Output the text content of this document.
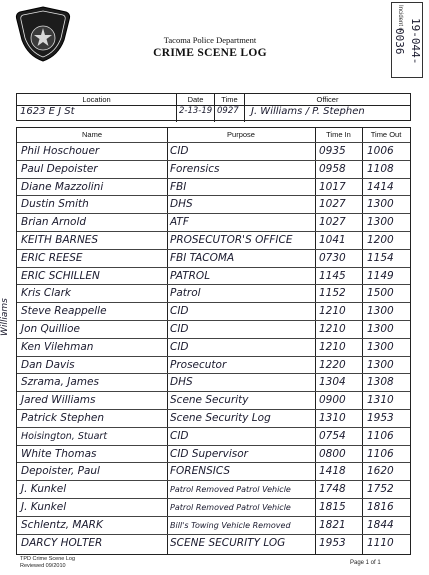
Incident # 19-044-0036
Tacoma Police Department
CRIME SCENE LOG
Location
1623 E J St
Date
2-13-19
Time
0927
Officer
J. Williams / P. Stephen
Name	Purpose	Time In	Time Out
Phil Hoschouer	CID	0935 1006
Paul Depoister	Forensics	0958 1108
Diane Mazzolini	FBI	1017 1414
Dustin Smith	DHS	1027 1300
Brian Arnold	ATF	1027 1300
KEITH BARNES	PROSECUTOR'S OFFICE	1041 1200
ERIC REESE	FBI TACOMA	0730 1154
ERIC SCHILLEN	PATROL	1145 1149
Kris Clark	Patrol	1152 1500
Steve Reappelle	CID	1210 1300
Jon Quillioe	CID	1210 1300
Ken Vilehman	CID	1210 1300
Dan Davis	Prosecutor	1220 1300
Szrama, James	DHS	1304 1308
Jared Williams	Scene Security	0900 1310
Patrick Stephen	Scene Security Log	1310 1953
Hoisington, Stuart	CID	0754 1106
White Thomas	CID Supervisor	0800 1106
Depoister, Paul	FORENSICS	1418 1620
J. Kunkel	Patrol Removed Patrol Vehicle	1748 1752
J. Kunkel	Patrol Removed Patrol Vehicle	1815 1816
Schlentz, MARK	Bill's Towing Vehicle Removed	1821 1844
DARCY HOLTER	SCENE SECURITY LOG	1953 1110
Williams
TPD Crime Scene Log
Reviewed 09/2010	Page 1 of 1
